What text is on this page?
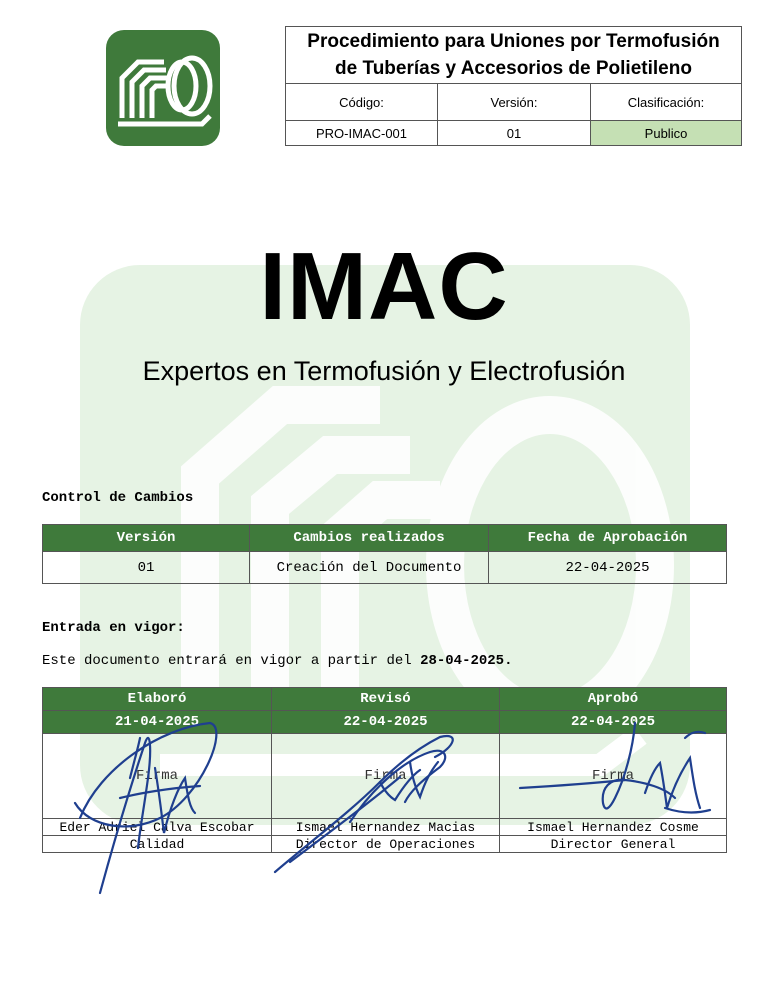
Procedimiento para Uniones por Termofusión
de Tuberías y Accesorios de Polietileno		

Código:	Versión:	Clasificación:
PRO-IMAC-001	01	Publico
IMAC
Expertos en Termofusión y Electrofusión
Control de Cambios
Versión	Cambios realizados	Fecha de Aprobación
01	Creación del Documento	22-04-2025
Entrada en vigor:
Este documento entrará en vigor a partir del 28-04-2025.
Elaboró	Revisó	Aprobó
21-04-2025	22-04-2025	22-04-2025
Firma	Firma	Firma
Eder Adriel Calva Escobar	Ismael Hernandez Macias	Ismael Hernandez Cosme
Calidad	Director de Operaciones	Director General
